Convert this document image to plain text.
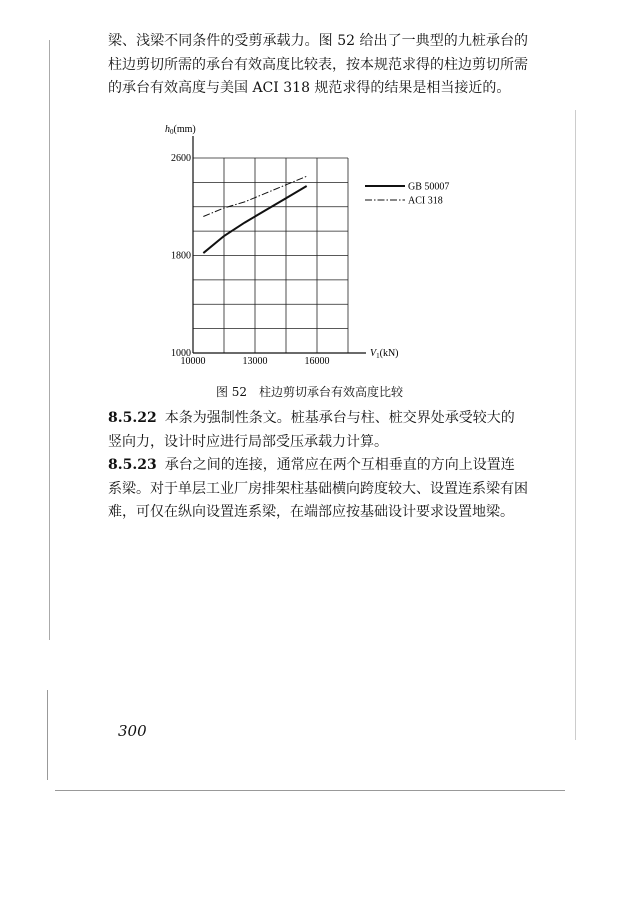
梁、浅梁不同条件的受剪承载力。图 52 给出了一典型的九桩承台的柱边剪切所需的承台有效高度比较表，按本规范求得的柱边剪切所需的承台有效高度与美国 ACI 318 规范求得的结果是相当接近的。

1000
1800
2600
10000	13000	16000
GB 50007
ACI 318
$h_0(mm)$
$V_1(kN)$
图 52　柱边剪切承台有效高度比较

8.5.22 本条为强制性条文。桩基承台与柱、桩交界处承受较大的竖向力，设计时应进行局部受压承载力计算。

8.5.23 承台之间的连接，通常应在两个互相垂直的方向上设置连系梁。对于单层工业厂房排架柱基础横向跨度较大、设置连系梁有困难，可仅在纵向设置连系梁，在端部应按基础设计要求设置地梁。

300
